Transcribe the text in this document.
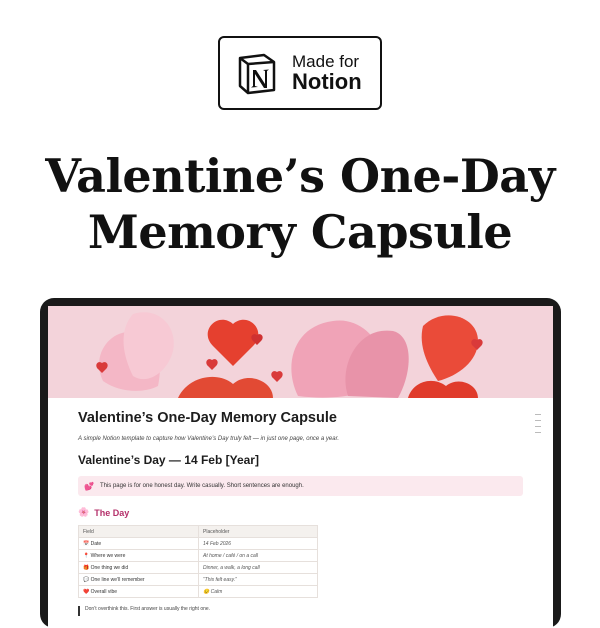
Made for
Notion
Valentine’s One-Day
Memory Capsule
Valentine’s One-Day Memory Capsule
A simple Notion template to capture how Valentine’s Day truly felt — in just one page, once a year.
Valentine’s Day — 14 Feb [Year]
💕 This page is for one honest day. Write casually. Short sentences are enough.
🌸 The Day
Field	Placeholder
📅 Date	14 Feb 2026
📍 Where we were	At home / café / on a call
🎁 One thing we did	Dinner, a walk, a long call
💬 One line we’ll remember	“This felt easy.”
❤️ Overall vibe	😌 Calm
Don’t overthink this. First answer is usually the right one.
